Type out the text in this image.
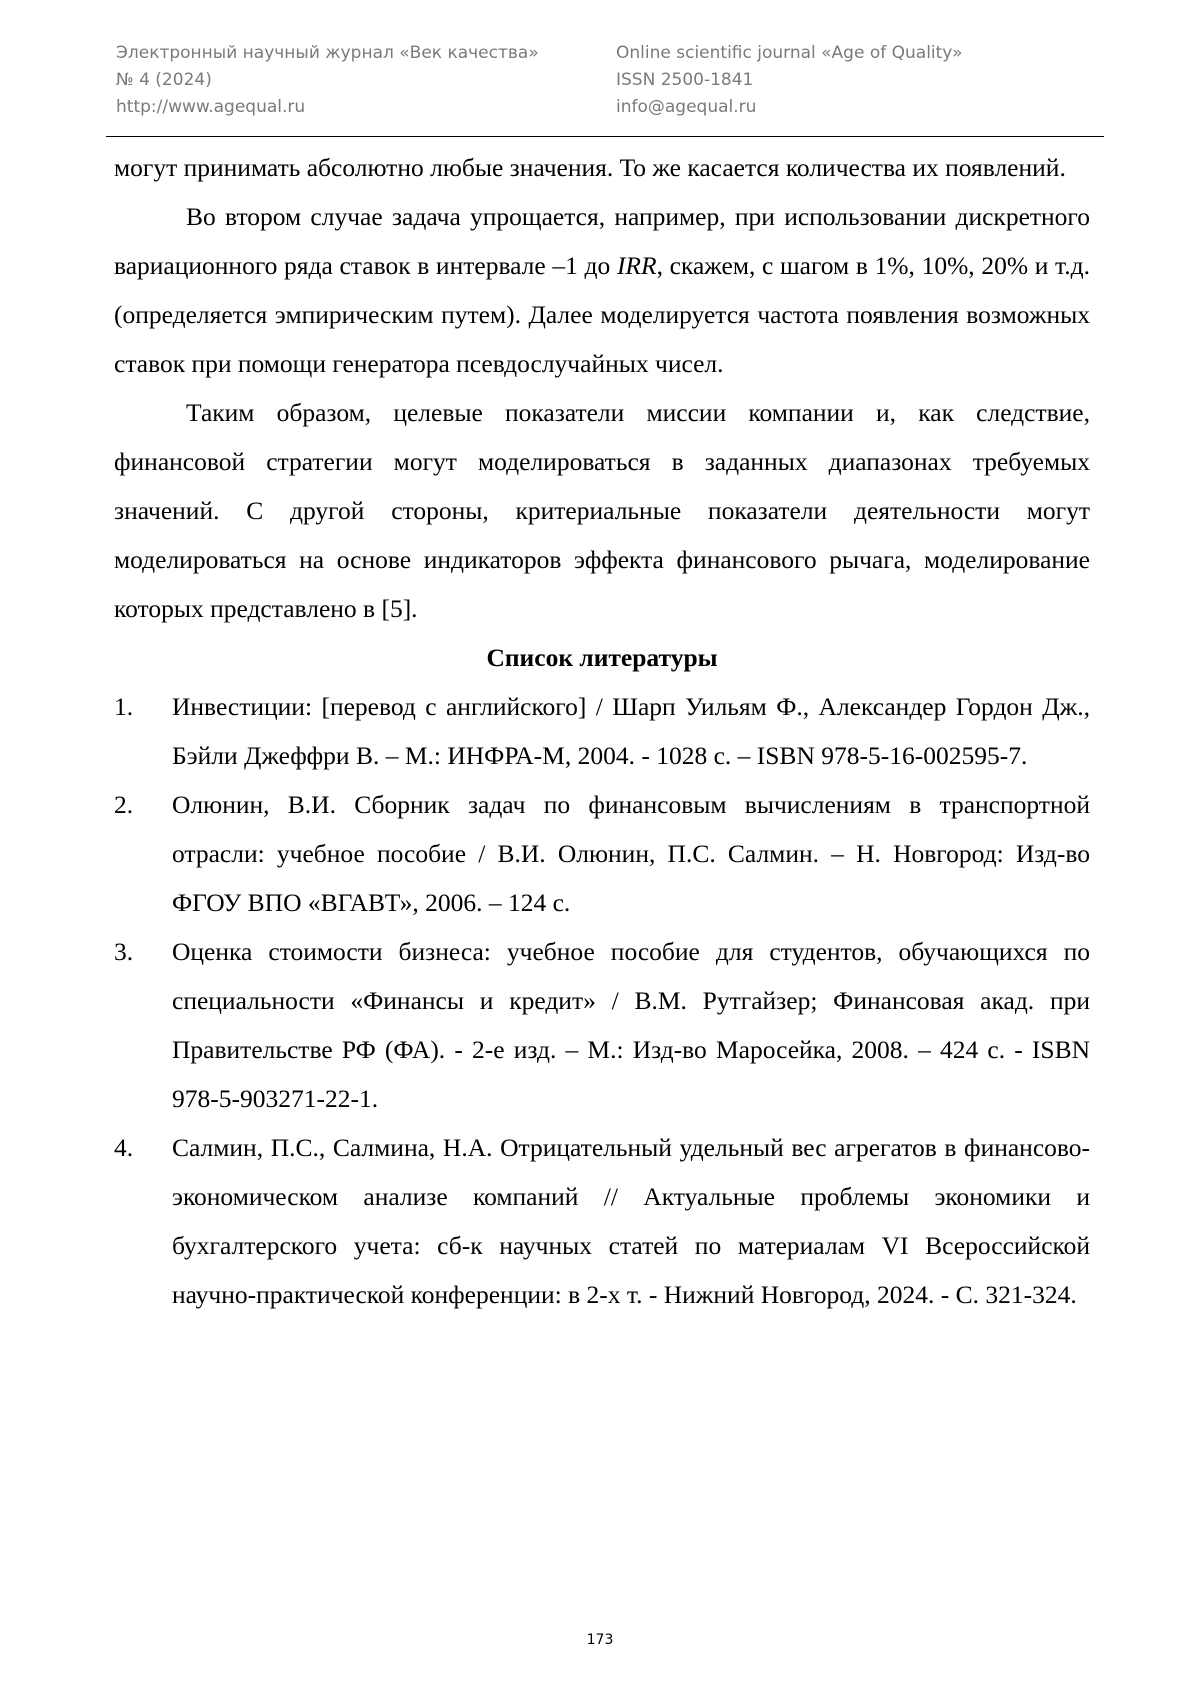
Электронный научный журнал «Век качества»
№ 4 (2024)
http://www.agequal.ru
Online scientific journal «Age of Quality»
ISSN 2500-1841
info@agequal.ru

могут принимать абсолютно любые значения. То же касается количества их появлений.

Во втором случае задача упрощается, например, при использовании дискретного вариационного ряда ставок в интервале –1 до IRR, скажем, с шагом в 1%, 10%, 20% и т.д. (определяется эмпирическим путем). Далее моделируется частота появления возможных ставок при помощи генератора псевдослучайных чисел.

Таким образом, целевые показатели миссии компании и, как следствие, финансовой стратегии могут моделироваться в заданных диапазонах требуемых значений. С другой стороны, критериальные показатели деятельности могут моделироваться на основе индикаторов эффекта финансового рычага, моделирование которых представлено в [5].

Список литературы

1.	Инвестиции: [перевод с английского] / Шарп Уильям Ф., Александер Гордон Дж., Бэйли Джеффри В. – М.: ИНФРА-М, 2004. - 1028 с. – ISBN 978-5-16-002595-7.
2.	Олюнин, В.И. Сборник задач по финансовым вычислениям в транспортной отрасли: учебное пособие / В.И. Олюнин, П.С. Салмин. – Н. Новгород: Изд-во ФГОУ ВПО «ВГАВТ», 2006. – 124 с.
3.	Оценка стоимости бизнеса: учебное пособие для студентов, обучающихся по специальности «Финансы и кредит» / В.М. Рутгайзер; Финансовая акад. при Правительстве РФ (ФА). - 2-е изд. – М.: Изд-во Маросейка, 2008. – 424 с. - ISBN 978-5-903271-22-1.
4.	Салмин, П.С., Салмина, Н.А. Отрицательный удельный вес агрегатов в финансово-экономическом анализе компаний // Актуальные проблемы экономики и бухгалтерского учета: сб-к научных статей по материалам VI Всероссийской научно-практической конференции: в 2-х т. - Нижний Новгород, 2024. - С. 321-324.
173
